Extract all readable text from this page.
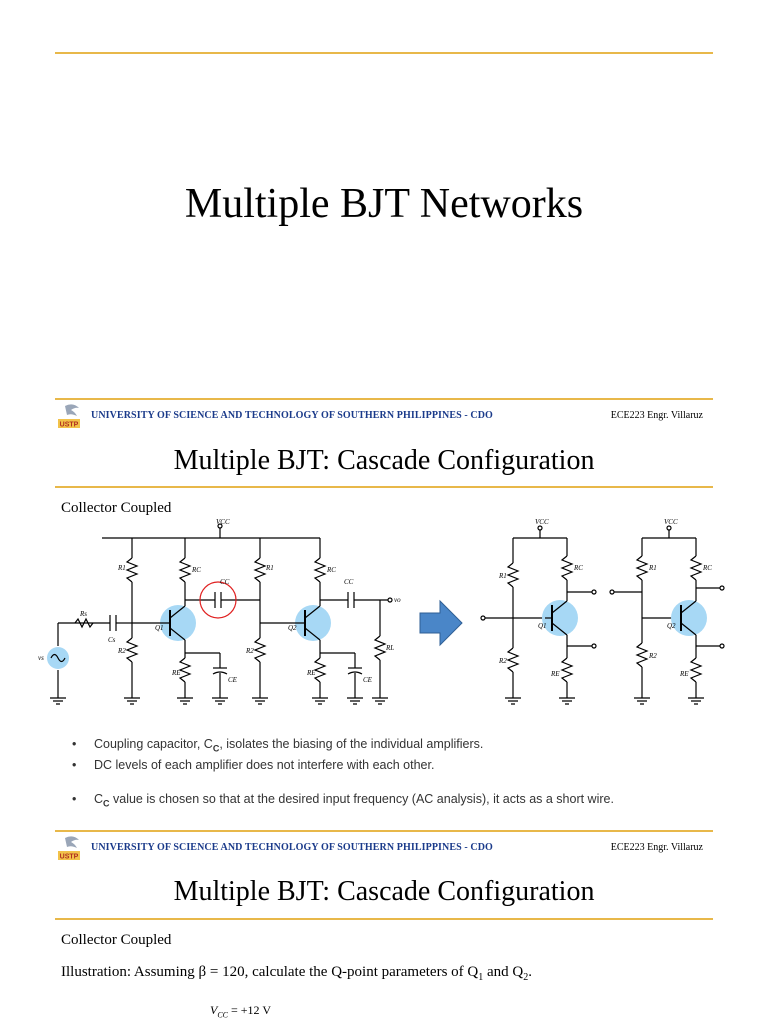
Multiple BJT Networks
USTP
UNIVERSITY OF SCIENCE AND TECHNOLOGY OF SOUTHERN PHILIPPINES - CDO	ECE223 Engr. Villaruz
Multiple BJT: Cascade Configuration
Collector Coupled
VCC
R1
R2
RC
CC
Q1
RE
CE
R1
R2
RC
CC
Q2
RE
CE
Cs
Rs
RL
vs
vo
VCC
R1
R2
RC
Q1
RE
VCC
R1
R2
RC
Q2
RE
• Coupling capacitor, $C_C$, isolates the biasing of the individual amplifiers.
• DC levels of each amplifier does not interfere with each other.
• $C_C$ value is chosen so that at the desired input frequency (AC analysis), it acts as a short wire.
USTP
UNIVERSITY OF SCIENCE AND TECHNOLOGY OF SOUTHERN PHILIPPINES - CDO	ECE223 Engr. Villaruz
Multiple BJT: Cascade Configuration
Collector Coupled
Illustration: Assuming β = 120, calculate the Q-point parameters of $Q_1$ and $Q_2$.
$V_{CC} = +12$ V
